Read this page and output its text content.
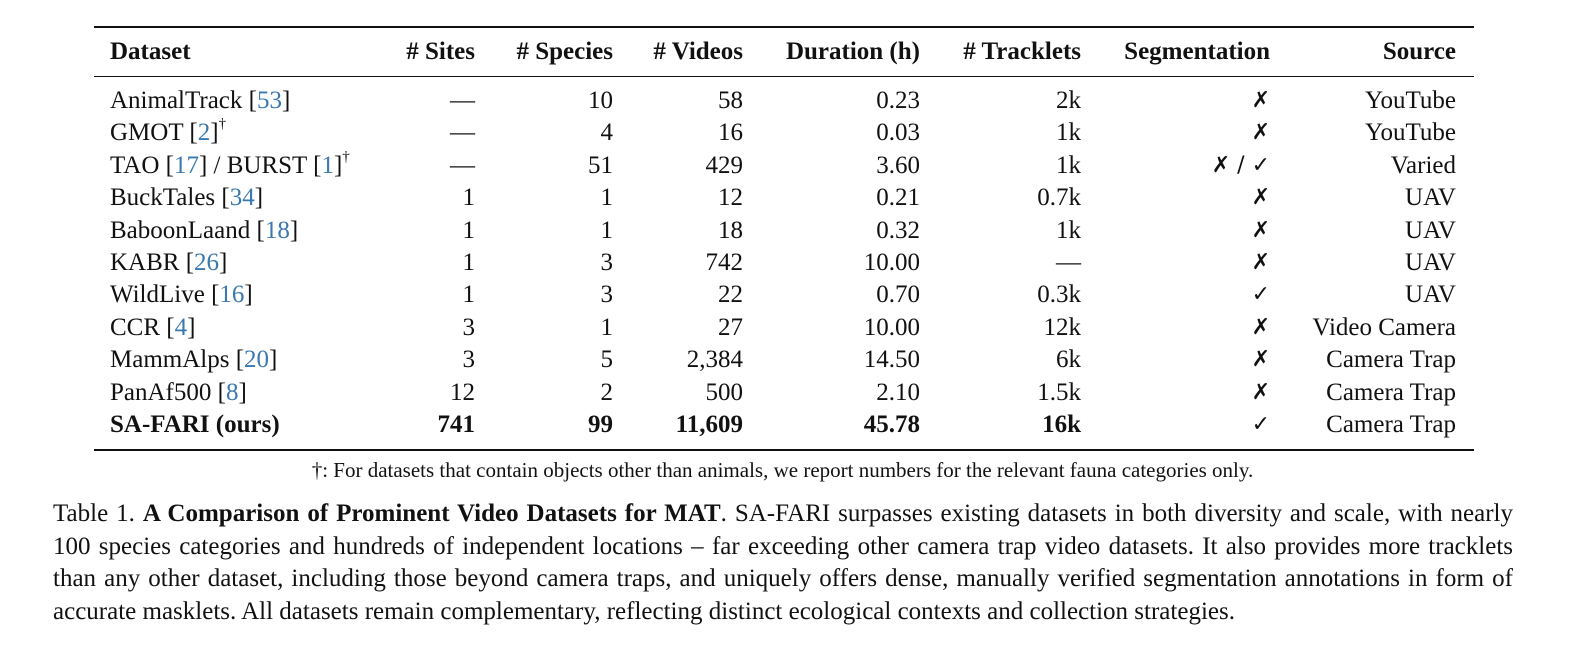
Dataset	# Sites	# Species	# Videos	Duration (h)	# Tracklets	Segmentation	Source
AnimalTrack [53]	—	10	58	0.23	2k	✗	YouTube
GMOT [2]†	—	4	16	0.03	1k	✗	YouTube
TAO [17] / BURST [1]†	—	51	429	3.60	1k	✗ / ✓	Varied
BuckTales [34]	1	1	12	0.21	0.7k	✗	UAV
BaboonLaand [18]	1	1	18	0.32	1k	✗	UAV
KABR [26]	1	3	742	10.00	—	✗	UAV
WildLive [16]	1	3	22	0.70	0.3k	✓	UAV
CCR [4]	3	1	27	10.00	12k	✗	Video Camera
MammAlps [20]	3	5	2,384	14.50	6k	✗	Camera Trap
PanAf500 [8]	12	2	500	2.10	1.5k	✗	Camera Trap
SA-FARI (ours)	741	99	11,609	45.78	16k	✓	Camera Trap
†: For datasets that contain objects other than animals, we report numbers for the relevant fauna categories only.

Table 1. A Comparison of Prominent Video Datasets for MAT. SA-FARI surpasses existing datasets in both diversity and scale, with nearly 100 species categories and hundreds of independent locations – far exceeding other camera trap video datasets. It also provides more tracklets than any other dataset, including those beyond camera traps, and uniquely offers dense, manually verified segmentation annotations in form of accurate masklets. All datasets remain complementary, reflecting distinct ecological contexts and collection strategies.
